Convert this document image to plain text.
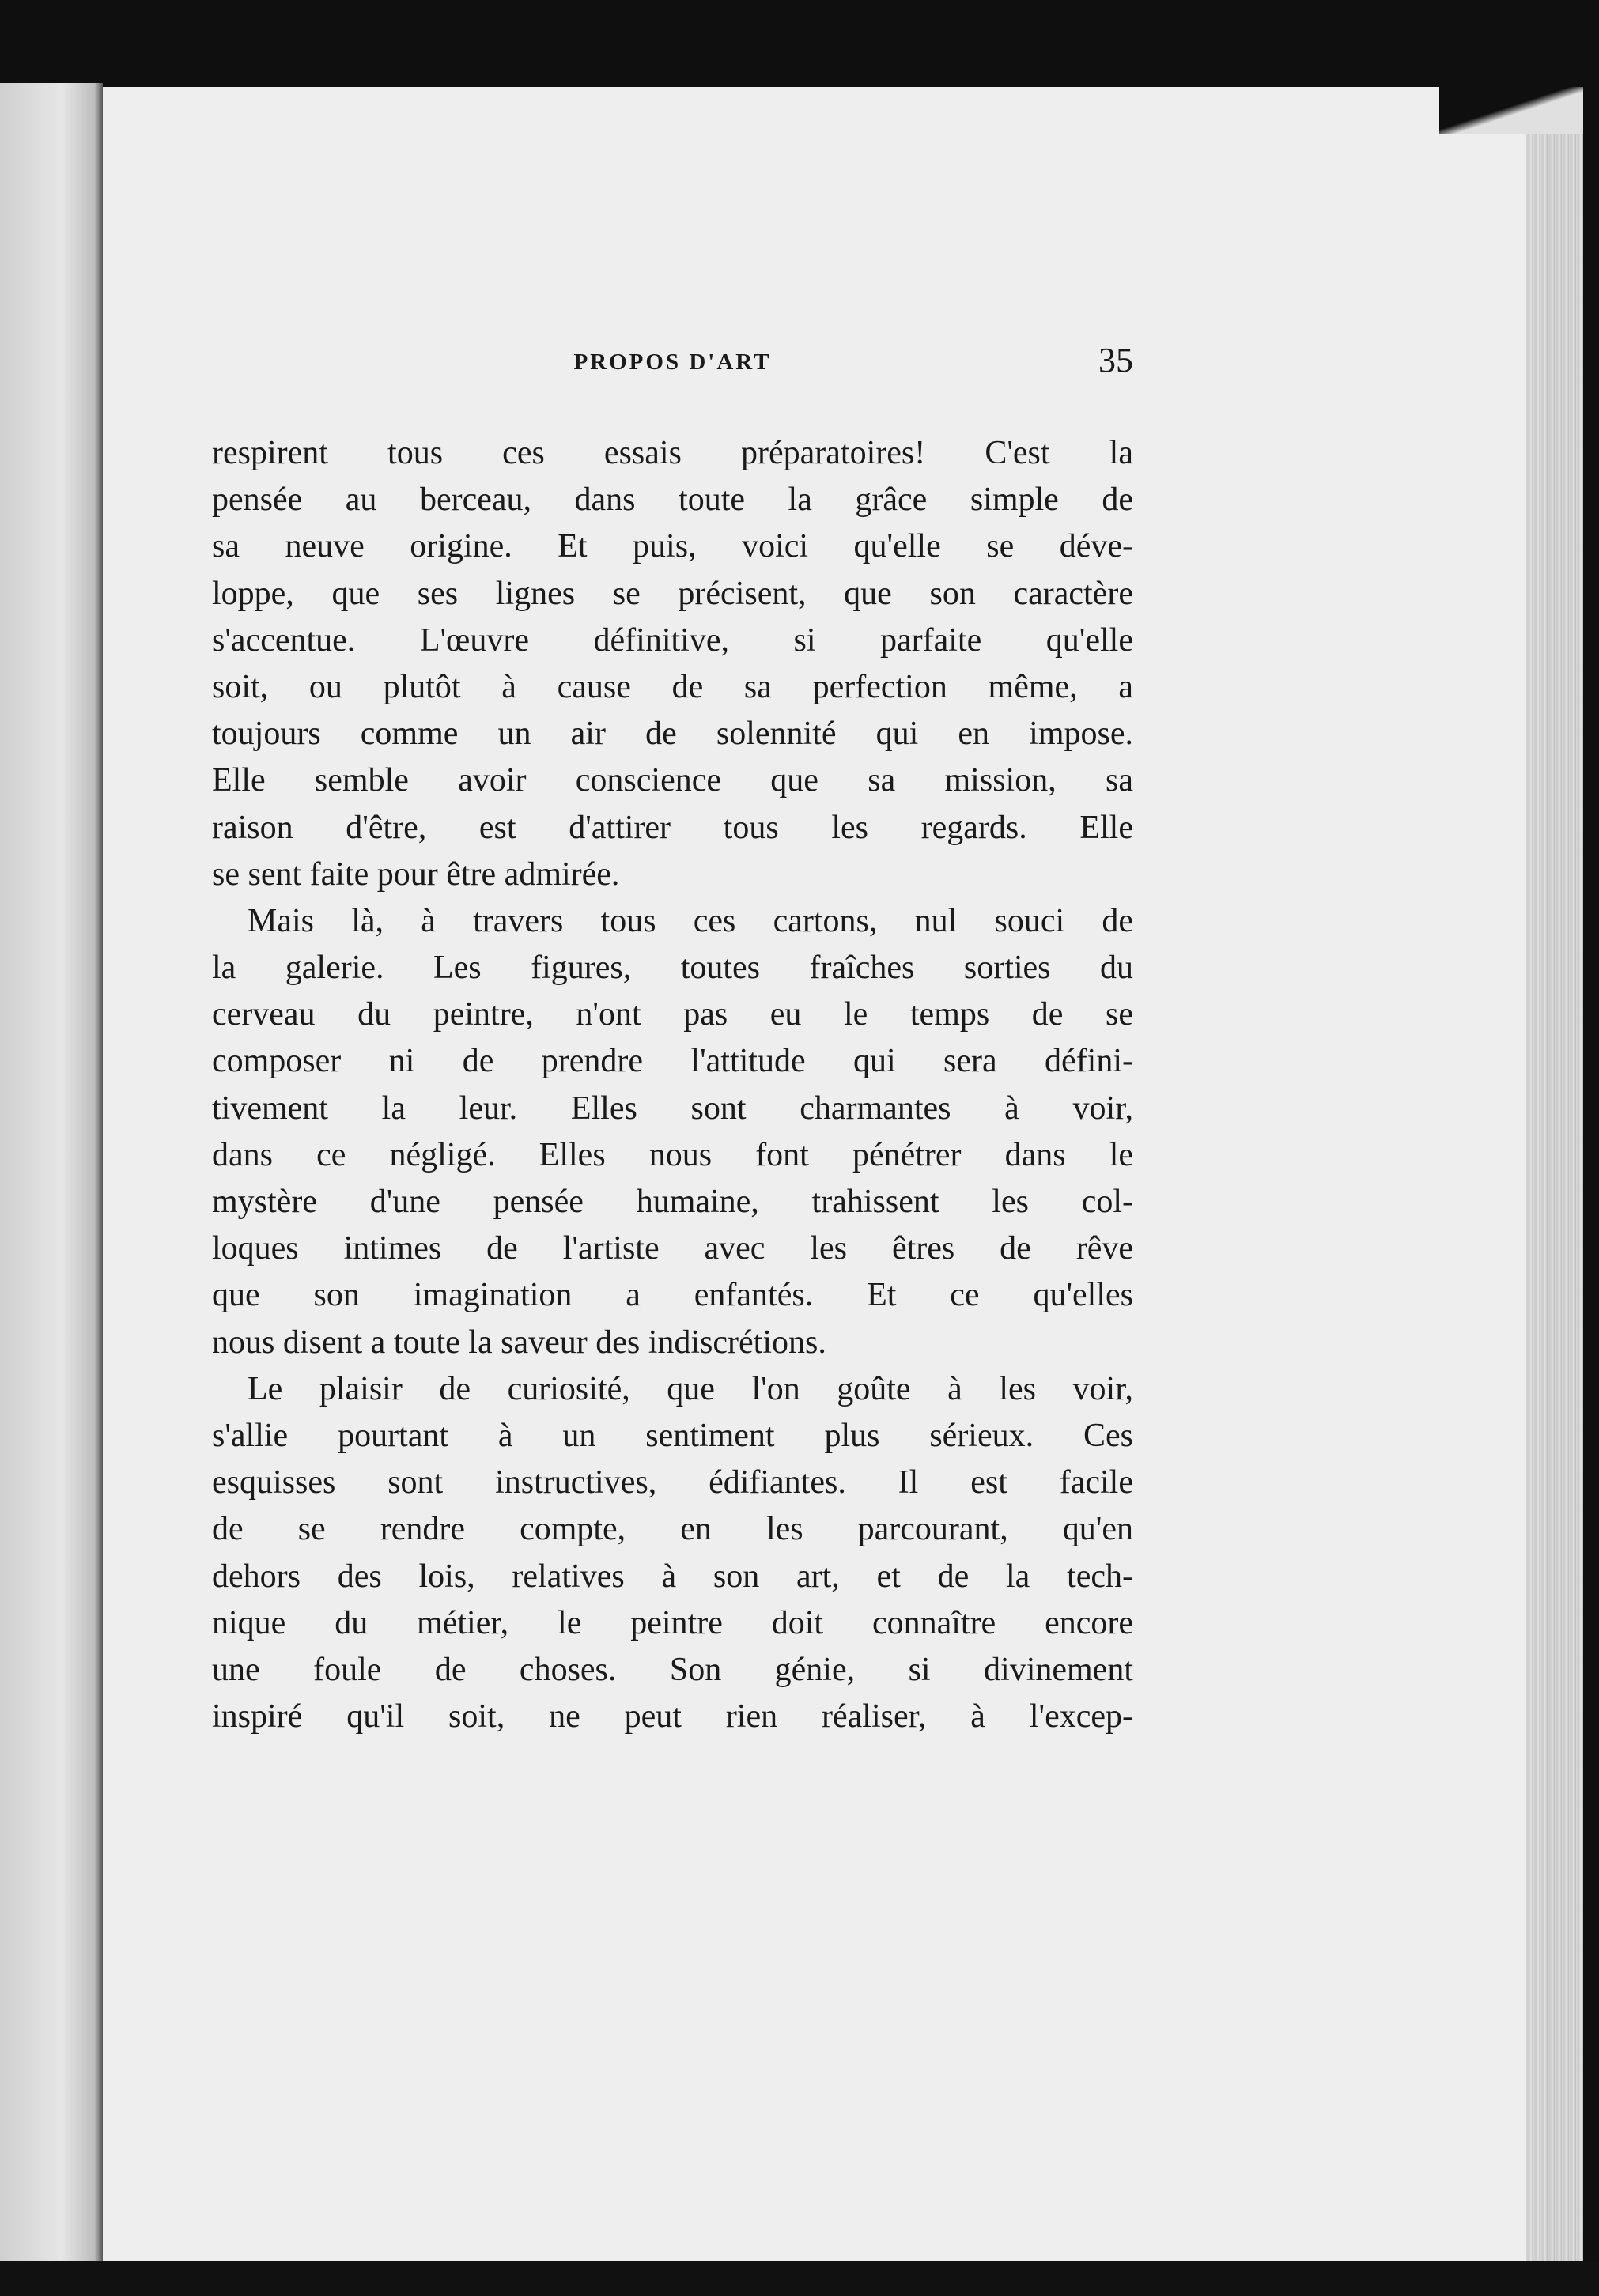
PROPOS D'ART	35
respirent tous ces essais préparatoires! C'est la
pensée au berceau, dans toute la grâce simple de
sa neuve origine. Et puis, voici qu'elle se déve-
loppe, que ses lignes se précisent, que son caractère
s'accentue. L'œuvre définitive, si parfaite qu'elle
soit, ou plutôt à cause de sa perfection même, a
toujours comme un air de solennité qui en impose.
Elle semble avoir conscience que sa mission, sa
raison d'être, est d'attirer tous les regards. Elle
se sent faite pour être admirée.
Mais là, à travers tous ces cartons, nul souci de
la galerie. Les figures, toutes fraîches sorties du
cerveau du peintre, n'ont pas eu le temps de se
composer ni de prendre l'attitude qui sera défini-
tivement la leur. Elles sont charmantes à voir,
dans ce négligé. Elles nous font pénétrer dans le
mystère d'une pensée humaine, trahissent les col-
loques intimes de l'artiste avec les êtres de rêve
que son imagination a enfantés. Et ce qu'elles
nous disent a toute la saveur des indiscrétions.
Le plaisir de curiosité, que l'on goûte à les voir,
s'allie pourtant à un sentiment plus sérieux. Ces
esquisses sont instructives, édifiantes. Il est facile
de se rendre compte, en les parcourant, qu'en
dehors des lois, relatives à son art, et de la tech-
nique du métier, le peintre doit connaître encore
une foule de choses. Son génie, si divinement
inspiré qu'il soit, ne peut rien réaliser, à l'excep-
